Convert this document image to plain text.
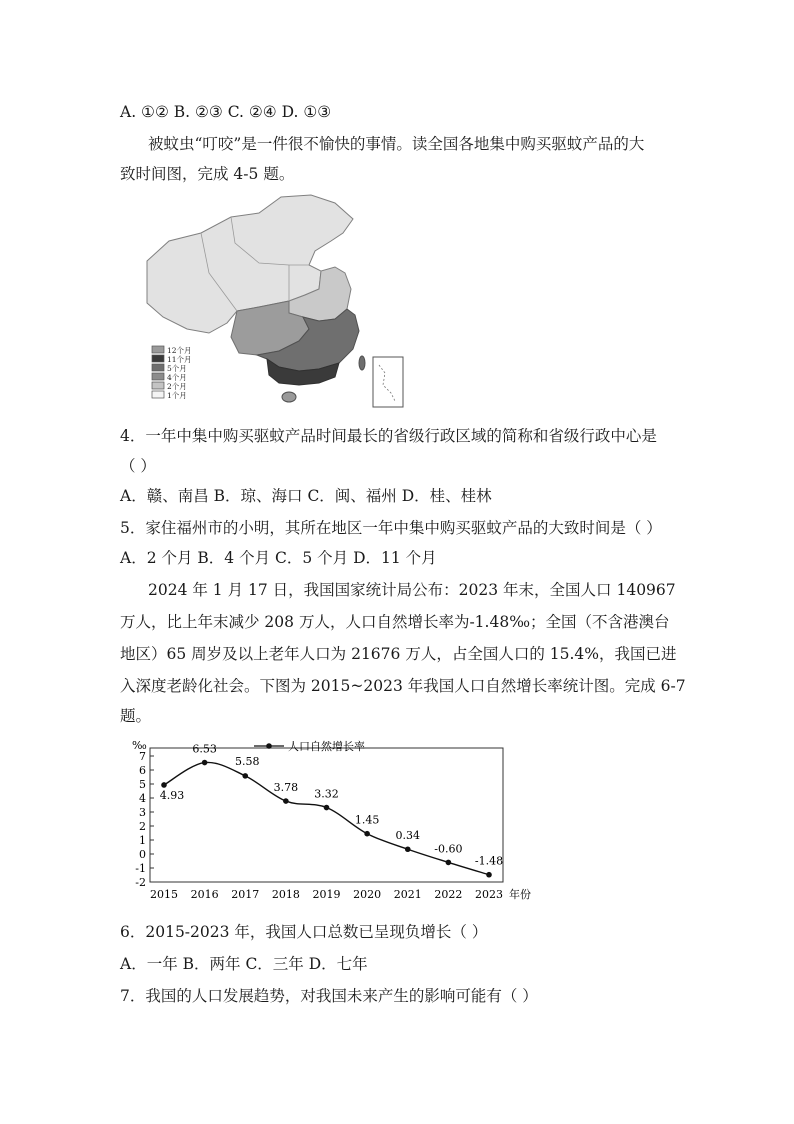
A. ①② B. ②③ C. ②④ D. ①③
被蚊虫“叮咬”是一件很不愉快的事情。读全国各地集中购买驱蚊产品的大
致时间图，完成 4-5 题。
12个月
11个月
5个月
4个月
2个月
1个月
4．一年中集中购买驱蚊产品时间最长的省级行政区域的简称和省级行政中心是
（ ）
A．赣、南昌 B．琼、海口 C．闽、福州 D．桂、桂林
5．家住福州市的小明，其所在地区一年中集中购买驱蚊产品的大致时间是（ ）
A．2 个月 B．4 个月 C．5 个月 D．11 个月
2024 年 1 月 17 日，我国国家统计局公布：2023 年末，全国人口 140967
万人，比上年末减少 208 万人，人口自然增长率为-1.48‰；全国（不含港澳台
地区）65 周岁及以上老年人口为 21676 万人，占全国人口的 15.4%，我国已进
入深度老龄化社会。下图为 2015~2023 年我国人口自然增长率统计图。完成 6-7
题。
‰
-2
-1
0
1
2
3
4
5
6
7
2015 2016 2017 2018 2019 2020 2021 2022 2023 年份
4.93
6.53
5.58
3.78 3.32
1.45
0.34
-0.60
-1.48
人口自然增长率
6．2015-2023 年，我国人口总数已呈现负增长（ ）
A．一年 B．两年 C．三年 D．七年
7．我国的人口发展趋势，对我国未来产生的影响可能有（ ）
